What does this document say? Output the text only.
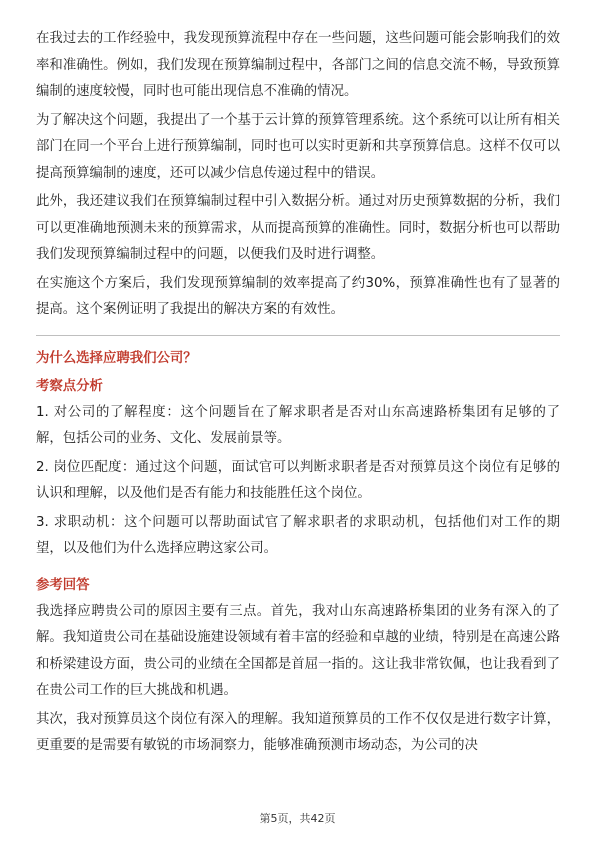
在我过去的工作经验中，我发现预算流程中存在一些问题，这些问题可能会影响我们的效率和准确性。例如，我们发现在预算编制过程中，各部门之间的信息交流不畅，导致预算编制的速度较慢，同时也可能出现信息不准确的情况。

为了解决这个问题，我提出了一个基于云计算的预算管理系统。这个系统可以让所有相关部门在同一个平台上进行预算编制，同时也可以实时更新和共享预算信息。这样不仅可以提高预算编制的速度，还可以减少信息传递过程中的错误。

此外，我还建议我们在预算编制过程中引入数据分析。通过对历史预算数据的分析，我们可以更准确地预测未来的预算需求，从而提高预算的准确性。同时，数据分析也可以帮助我们发现预算编制过程中的问题，以便我们及时进行调整。

在实施这个方案后，我们发现预算编制的效率提高了约30%，预算准确性也有了显著的提高。这个案例证明了我提出的解决方案的有效性。

为什么选择应聘我们公司？

考察点分析

1. 对公司的了解程度：这个问题旨在了解求职者是否对山东高速路桥集团有足够的了解，包括公司的业务、文化、发展前景等。

2. 岗位匹配度：通过这个问题，面试官可以判断求职者是否对预算员这个岗位有足够的认识和理解，以及他们是否有能力和技能胜任这个岗位。

3. 求职动机：这个问题可以帮助面试官了解求职者的求职动机，包括他们对工作的期望，以及他们为什么选择应聘这家公司。

参考回答

我选择应聘贵公司的原因主要有三点。首先，我对山东高速路桥集团的业务有深入的了解。我知道贵公司在基础设施建设领域有着丰富的经验和卓越的业绩，特别是在高速公路和桥梁建设方面，贵公司的业绩在全国都是首屈一指的。这让我非常钦佩，也让我看到了在贵公司工作的巨大挑战和机遇。

其次，我对预算员这个岗位有深入的理解。我知道预算员的工作不仅仅是进行数字计算，更重要的是需要有敏锐的市场洞察力，能够准确预测市场动态，为公司的决

第5页，共42页
